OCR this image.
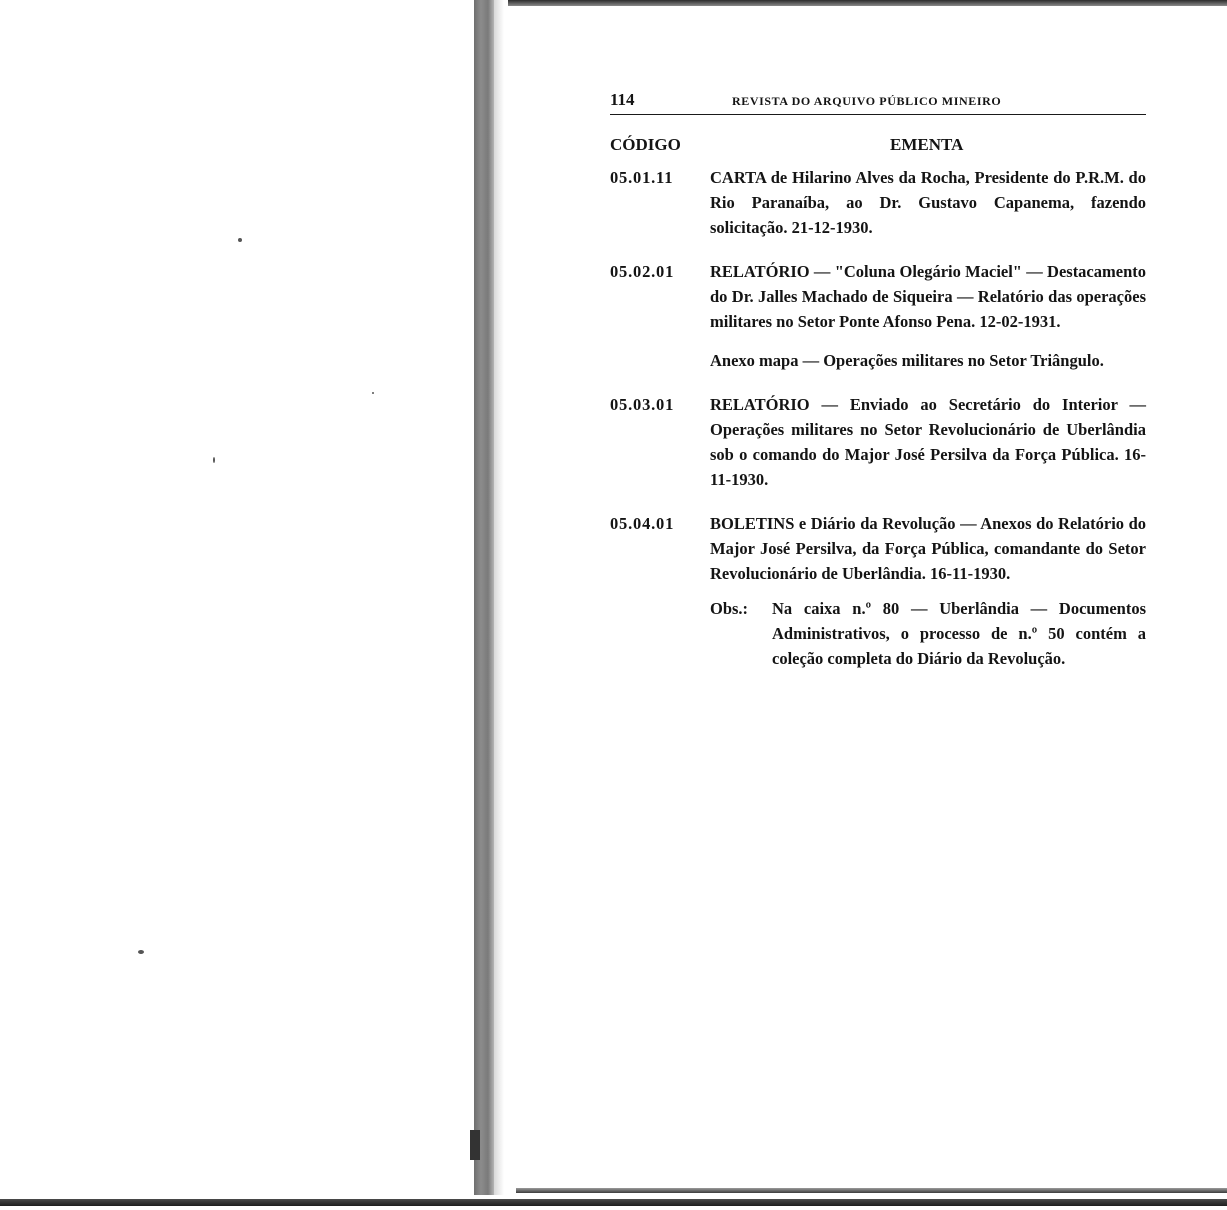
114	REVISTA DO ARQUIVO PÚBLICO MINEIRO
CÓDIGO	EMENTA
05.01.11	CARTA de Hilarino Alves da Rocha, Presidente do P.R.M. do Rio Paranaíba, ao Dr. Gustavo Capanema, fazendo solicitação. 21-12-1930.

05.02.01	RELATÓRIO — "Coluna Olegário Maciel" — Destacamento do Dr. Jalles Machado de Siqueira — Relatório das operações militares no Setor Ponte Afonso Pena. 12-02-1931.

Anexo mapa — Operações militares no Setor Triângulo.

05.03.01	RELATÓRIO — Enviado ao Secretário do Interior — Operações militares no Setor Revolucionário de Uberlândia sob o comando do Major José Persilva da Força Pública. 16-11-1930.

05.04.01	BOLETINS e Diário da Revolução — Anexos do Relatório do Major José Persilva, da Força Pública, comandante do Setor Revolucionário de Uberlândia. 16-11-1930.

Obs.:	Na caixa n.º 80 — Uberlândia — Documentos Administrativos, o processo de n.º 50 contém a coleção completa do Diário da Revolução.
